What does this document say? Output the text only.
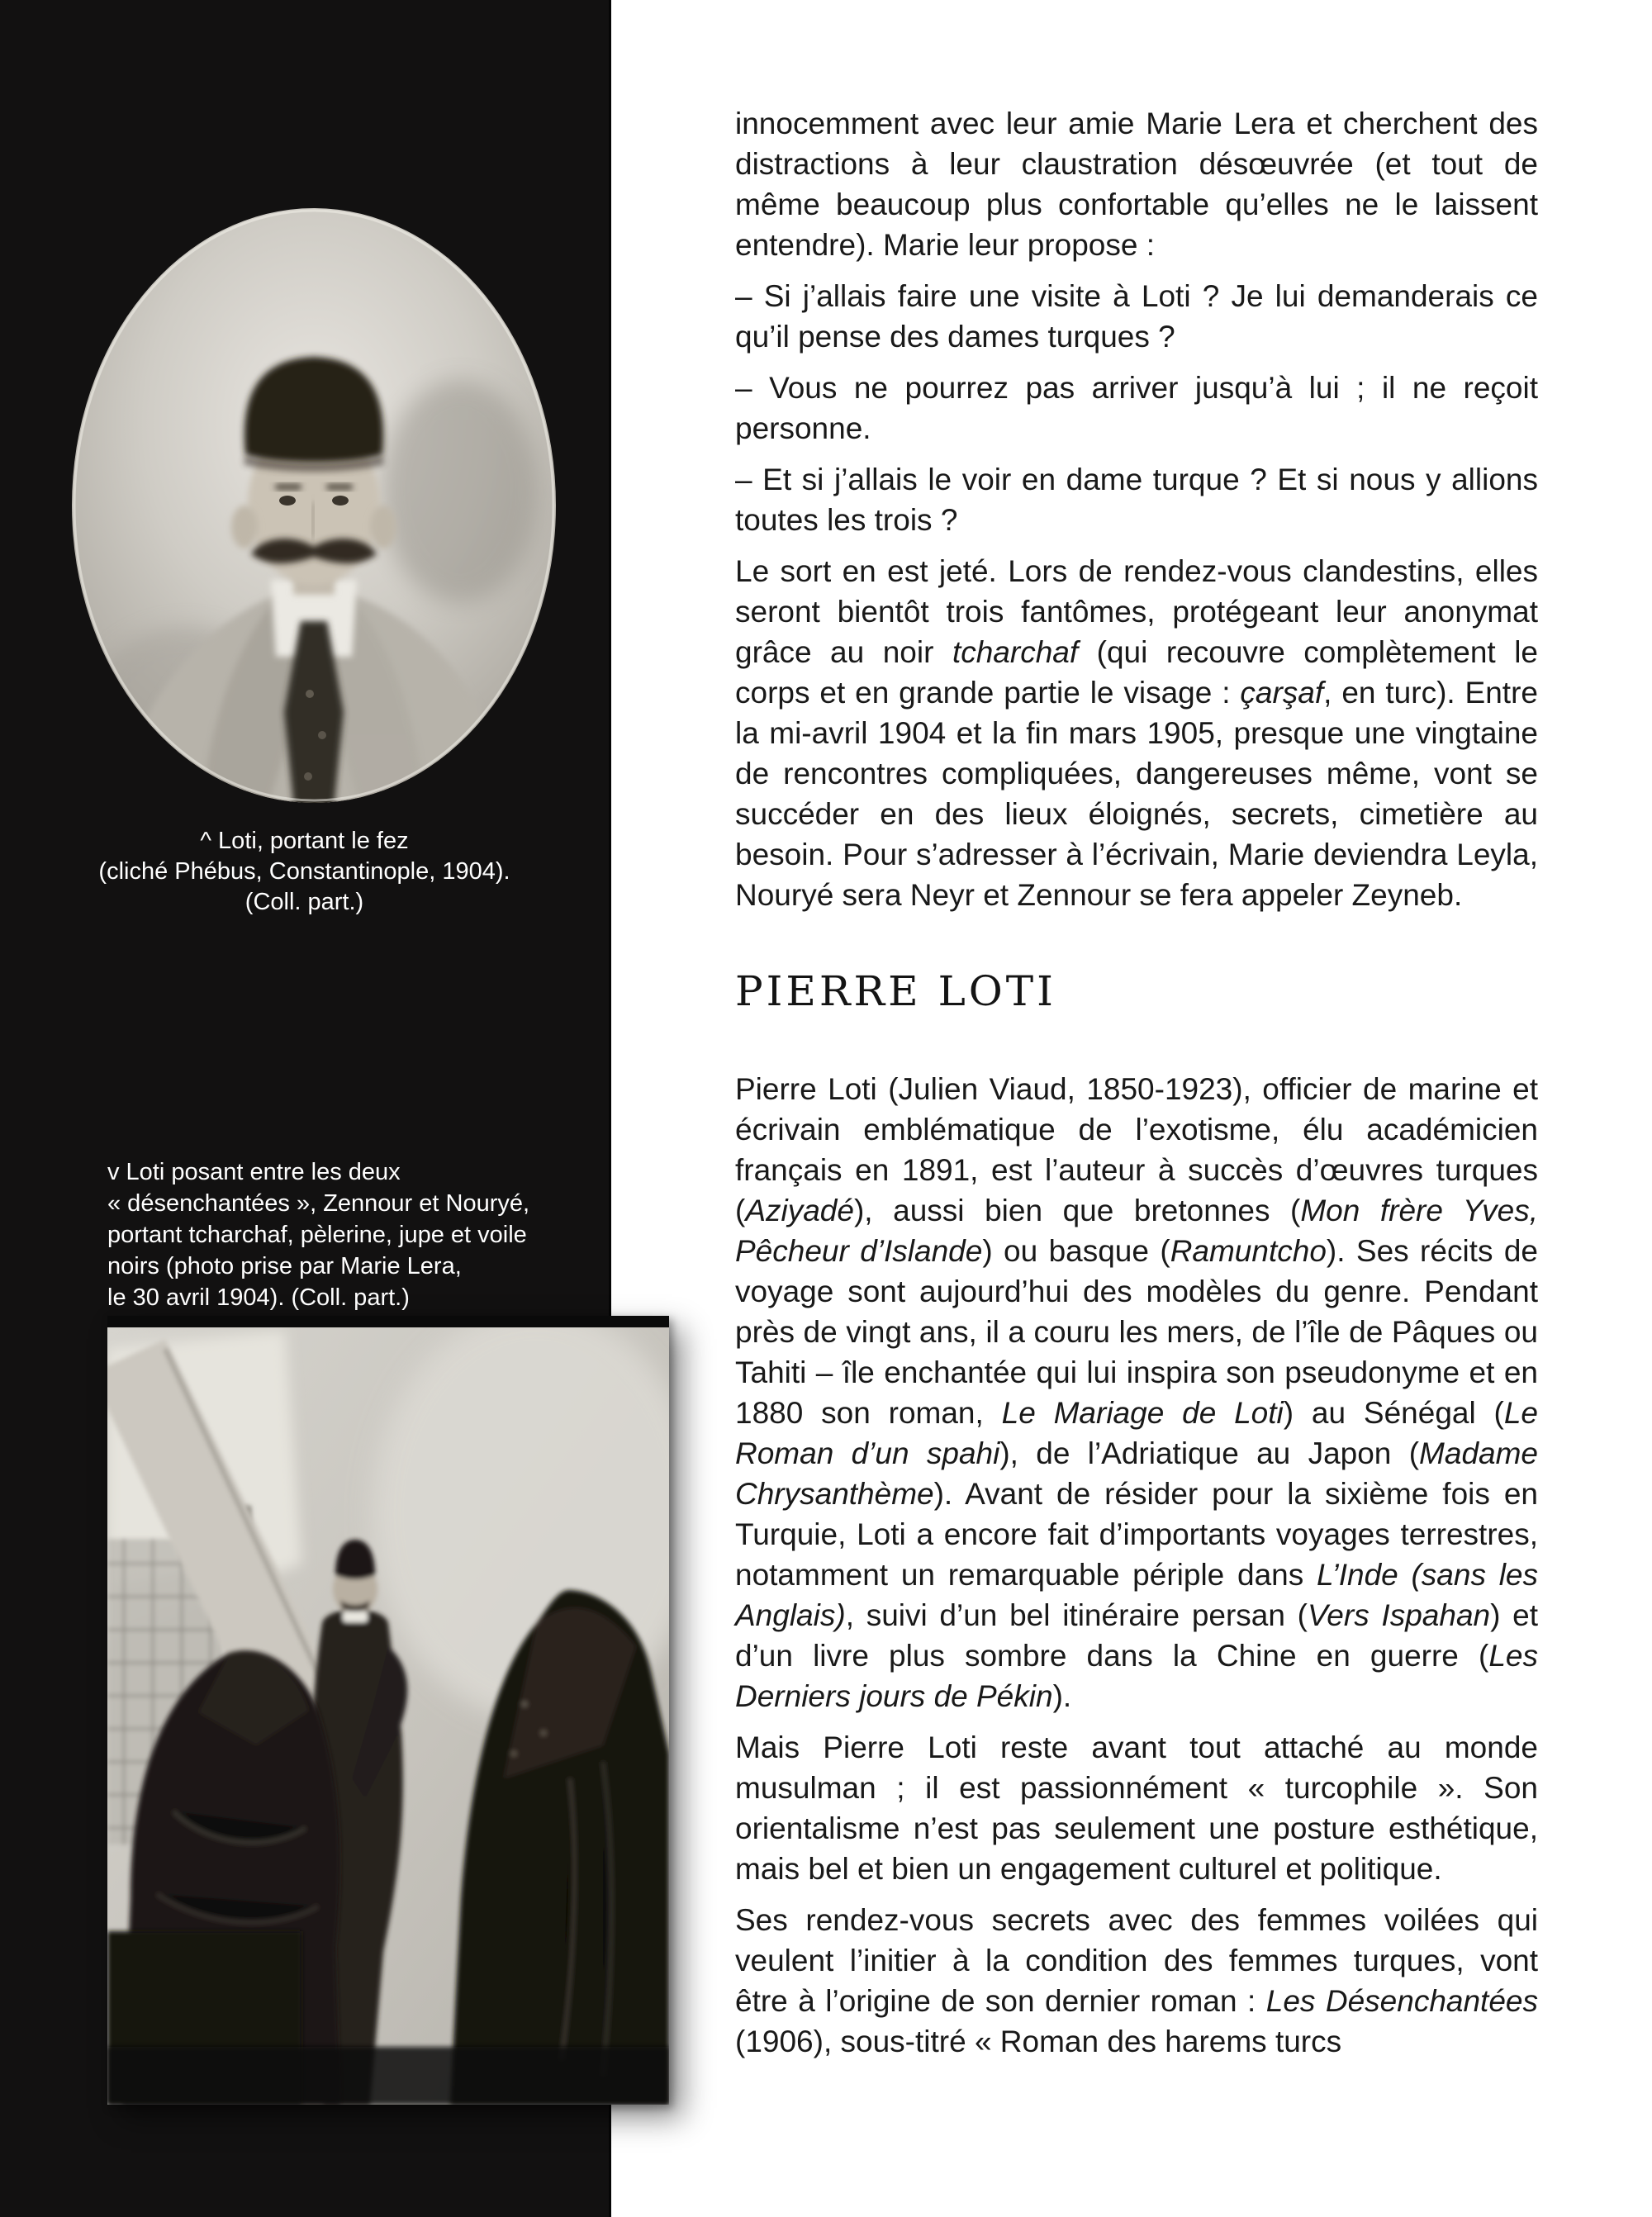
^ Loti, portant le fez
(cliché Phébus, Constantinople, 1904).
(Coll. part.)
v Loti posant entre les deux
« désenchantées », Zennour et Nouryé,
portant tcharchaf, pèlerine, jupe et voile
noirs (photo prise par Marie Lera,
le 30 avril 1904). (Coll. part.)

innocemment avec leur amie Marie Lera et cherchent des distractions à leur claustration désœuvrée (et tout de même beaucoup plus confortable qu’elles ne le laissent entendre). Marie leur propose :

– Si j’allais faire une visite à Loti ? Je lui demanderais ce qu’il pense des dames turques ?

– Vous ne pourrez pas arriver jusqu’à lui ; il ne reçoit personne.

– Et si j’allais le voir en dame turque ? Et si nous y allions toutes les trois ?

Le sort en est jeté. Lors de rendez-vous clandestins, elles seront bientôt trois fantômes, protégeant leur anonymat grâce au noir tcharchaf (qui recouvre complètement le corps et en grande partie le visage : çarşaf, en turc). Entre la mi-avril 1904 et la fin mars 1905, presque une vingtaine de rencontres compliquées, dangereuses même, vont se succéder en des lieux éloignés, secrets, cimetière au besoin. Pour s’adresser à l’écrivain, Marie deviendra Leyla, Nouryé sera Neyr et Zennour se fera appeler Zeyneb.

PIERRE LOTI

Pierre Loti (Julien Viaud, 1850-1923), officier de marine et écrivain emblématique de l’exotisme, élu académicien français en 1891, est l’auteur à succès d’œuvres turques (Aziyadé), aussi bien que bretonnes (Mon frère Yves, Pêcheur d’Islande) ou basque (Ramuntcho). Ses récits de voyage sont aujourd’hui des modèles du genre. Pendant près de vingt ans, il a couru les mers, de l’île de Pâques ou Tahiti – île enchantée qui lui inspira son pseudonyme et en 1880 son roman, Le Mariage de Loti) au Sénégal (Le Roman d’un spahi), de l’Adriatique au Japon (Madame Chrysanthème). Avant de résider pour la sixième fois en Turquie, Loti a encore fait d’importants voyages terrestres, notamment un remarquable périple dans L’Inde (sans les Anglais), suivi d’un bel itinéraire persan (Vers Ispahan) et d’un livre plus sombre dans la Chine en guerre (Les Derniers jours de Pékin).

Mais Pierre Loti reste avant tout attaché au monde musulman ; il est passionnément « turcophile ». Son orientalisme n’est pas seulement une posture esthétique, mais bel et bien un engagement culturel et politique.

Ses rendez-vous secrets avec des femmes voilées qui veulent l’initier à la condition des femmes turques, vont être à l’origine de son dernier roman : Les Désenchantées (1906), sous-titré « Roman des harems turcs
